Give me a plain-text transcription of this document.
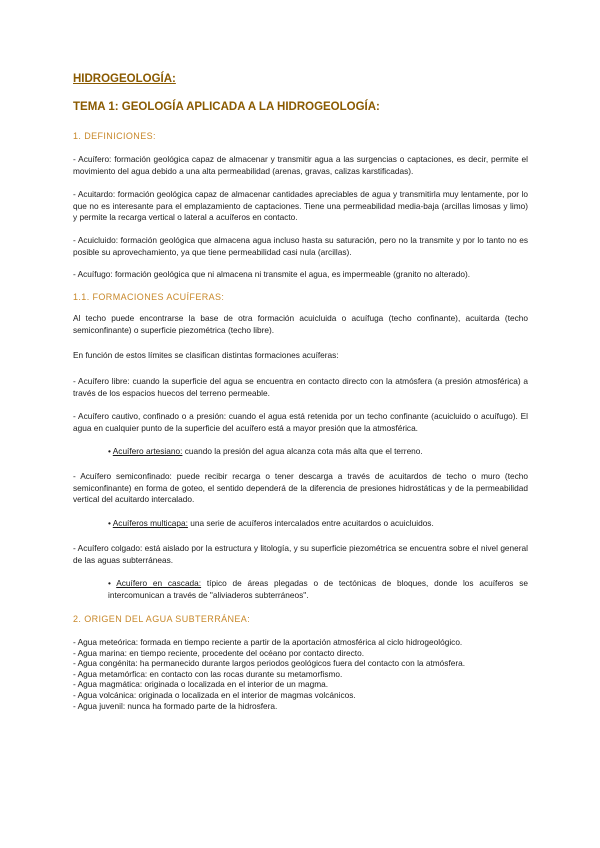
HIDROGEOLOGÍA:
TEMA 1: GEOLOGÍA APLICADA A LA HIDROGEOLOGÍA:
1. DEFINICIONES:

- Acuífero: formación geológica capaz de almacenar y transmitir agua a las surgencias o captaciones, es decir, permite el movimiento del agua debido a una alta permeabilidad (arenas, gravas, calizas karstificadas).

- Acuitardo: formación geológica capaz de almacenar cantidades apreciables de agua y transmitirla muy lentamente, por lo que no es interesante para el emplazamiento de captaciones. Tiene una permeabilidad media-baja (arcillas limosas y limo) y permite la recarga vertical o lateral a acuíferos en contacto.

- Acuicluido: formación geológica que almacena agua incluso hasta su saturación, pero no la transmite y por lo tanto no es posible su aprovechamiento, ya que tiene permeabilidad casi nula (arcillas).

- Acuífugo: formación geológica que ni almacena ni transmite el agua, es impermeable (granito no alterado).

1.1. FORMACIONES ACUÍFERAS:

Al techo puede encontrarse la base de otra formación acuicluida o acuífuga (techo confinante), acuitarda (techo semiconfinante) o superficie piezométrica (techo libre).

En función de estos límites se clasifican distintas formaciones acuíferas:

- Acuífero libre: cuando la superficie del agua se encuentra en contacto directo con la atmósfera (a presión atmosférica) a través de los espacios huecos del terreno permeable.

- Acuífero cautivo, confinado o a presión: cuando el agua está retenida por un techo confinante (acuicluido o acuífugo). El agua en cualquier punto de la superficie del acuífero está a mayor presión que la atmosférica.

• Acuífero artesiano: cuando la presión del agua alcanza cota más alta que el terreno.

- Acuífero semiconfinado: puede recibir recarga o tener descarga a través de acuitardos de techo o muro (techo semiconfinante) en forma de goteo, el sentido dependerá de la diferencia de presiones hidrostáticas y de la permeabilidad vertical del acuitardo intercalado.

• Acuíferos multicapa: una serie de acuíferos intercalados entre acuitardos o acuicluidos.

- Acuífero colgado: está aislado por la estructura y litología, y su superficie piezométrica se encuentra sobre el nivel general de las aguas subterráneas.

• Acuífero en cascada: típico de áreas plegadas o de tectónicas de bloques, donde los acuíferos se intercomunican a través de "aliviaderos subterráneos".
2. ORIGEN DEL AGUA SUBTERRÁNEA:
- Agua meteórica: formada en tiempo reciente a partir de la aportación atmosférica al ciclo hidrogeológico.
- Agua marina: en tiempo reciente, procedente del océano por contacto directo.
- Agua congénita: ha permanecido durante largos periodos geológicos fuera del contacto con la atmósfera.
- Agua metamórfica: en contacto con las rocas durante su metamorfismo.
- Agua magmática: originada o localizada en el interior de un magma.
- Agua volcánica: originada o localizada en el interior de magmas volcánicos.
- Agua juvenil: nunca ha formado parte de la hidrosfera.
